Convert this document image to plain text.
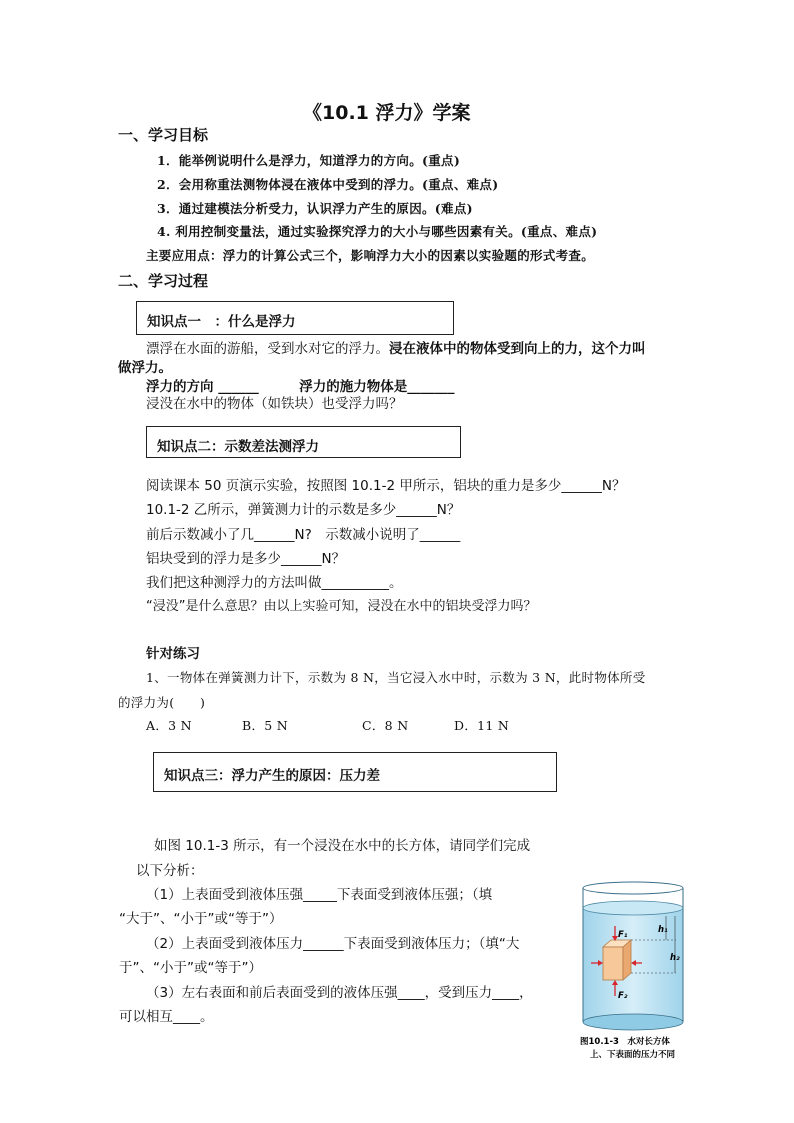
《10.1 浮力》学案
一、学习目标
1．能举例说明什么是浮力，知道浮力的方向。(重点)
2．会用称重法测物体浸在液体中受到的浮力。(重点、难点)
3．通过建模法分析受力，认识浮力产生的原因。(难点)
4. 利用控制变量法，通过实验探究浮力的大小与哪些因素有关。(重点、难点)
主要应用点：浮力的计算公式三个，影响浮力大小的因素以实验题的形式考查。
二、学习过程
知识点一　：什么是浮力
漂浮在水面的游船，受到水对它的浮力。浸在液体中的物体受到向上的力，这个力叫
做浮力。
浮力的方向 ______　　　浮力的施力物体是_______
浸没在水中的物体（如铁块）也受浮力吗？
知识点二：示数差法测浮力
阅读课本 50 页演示实验，按照图 10.1-2 甲所示，铝块的重力是多少______N？
10.1-2 乙所示，弹簧测力计的示数是多少______N？
前后示数减小了几______N?　示数减小说明了______
铝块受到的浮力是多少______N？
我们把这种测浮力的方法叫做__________。
“浸没”是什么意思？由以上实验可知，浸没在水中的铝块受浮力吗？
针对练习
1、一物体在弹簧测力计下，示数为 8 N，当它浸入水中时，示数为 3 N，此时物体所受
的浮力为(　　)
A．3 N	B．5 N	C．8 N	D．11 N
知识点三：浮力产生的原因：压力差
如图 10.1-3 所示，有一个浸没在水中的长方体，请同学们完成
以下分析：
（1）上表面受到液体压强_____下表面受到液体压强；（填
“大于”、“小于”或“等于”）
（2）上表面受到液体压力______下表面受到液体压力；（填“大
于”、“小于”或“等于”）
（3）左右表面和前后表面受到的液体压强____，受到压力____，
可以相互____。
F₁
F₂
h₁
h₂
图10.1-3　水对长方体
上、下表面的压力不同
